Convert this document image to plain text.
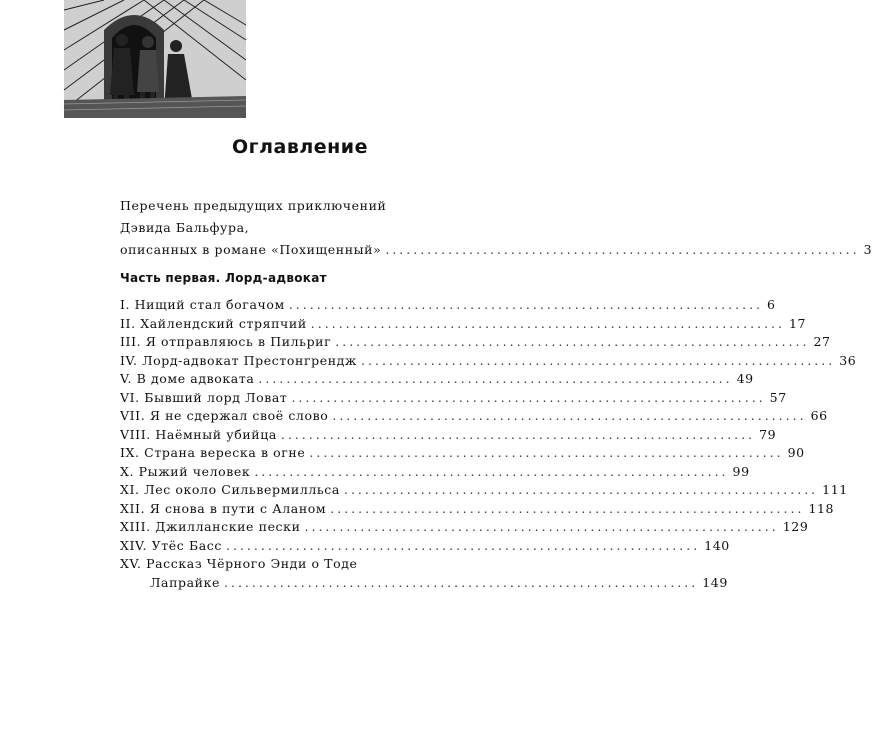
Оглавление
Перечень предыдущих приключений
Дэвида Бальфура,
описанных в романе «Похищенный» .................................................................... 3
Часть первая. Лорд-адвокат
I. Нищий стал богачом .................................................................... 6
II. Хайлендский стряпчий .................................................................... 17
III. Я отправляюсь в Пильриг .................................................................... 27
IV. Лорд-адвокат Престонгрендж .................................................................... 36
V. В доме адвоката .................................................................... 49
VI. Бывший лорд Ловат .................................................................... 57
VII. Я не сдержал своё слово .................................................................... 66
VIII. Наёмный убийца .................................................................... 79
IX. Страна вереска в огне .................................................................... 90
X. Рыжий человек .................................................................... 99
XI. Лес около Сильвермилльса .................................................................... 111
XII. Я снова в пути с Аланом .................................................................... 118
XIII. Джилланские пески .................................................................... 129
XIV. Утёс Басс .................................................................... 140
XV. Рассказ Чёрного Энди о Тоде
Лапрайке .................................................................... 149
